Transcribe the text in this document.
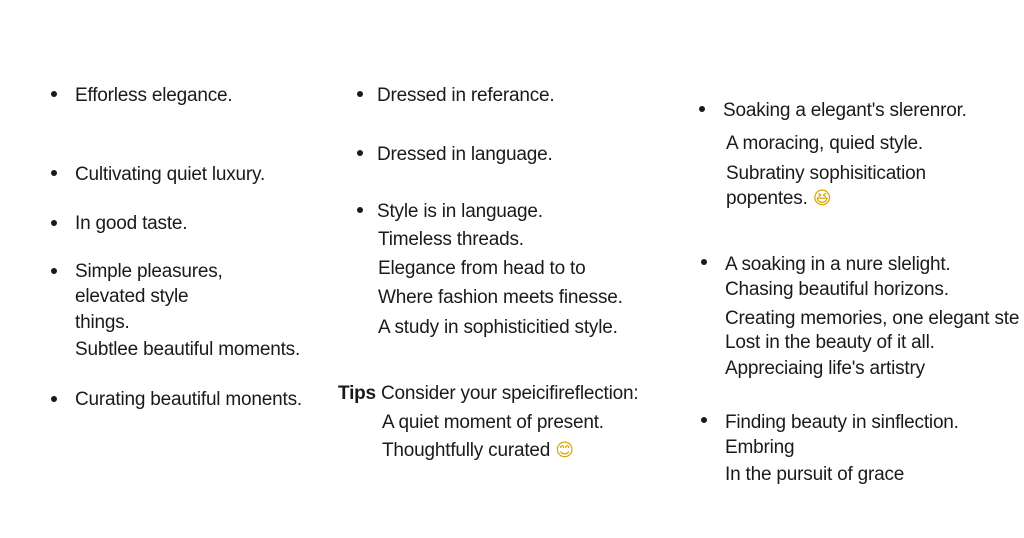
Efforless elegance.
Cultivating quiet luxury.
In good taste.
Simple pleasures,
elevated style
things.
Subtlee beautiful moments.
Curating beautiful monents.
Dressed in referance.
Dressed in language.
Style is in language.
Timeless threads.
Elegance from head to to
Where fashion meets finesse.
A study in sophisticitied style.
Tips Consider your speicifireflection:
A quiet moment of present.
Thoughtfully curated 😊
Soaking a elegant's slerenror.
A moracing, quied style.
Subratiny sophisitication
popentes. 😆
A soaking in a nure slelight.
Chasing beautiful horizons.
Creating memories, one elegant ste
Lost in the beauty of it all.
Appreciaing life's artistry
Finding beauty in sinflection.
Embring
In the pursuit of grace
